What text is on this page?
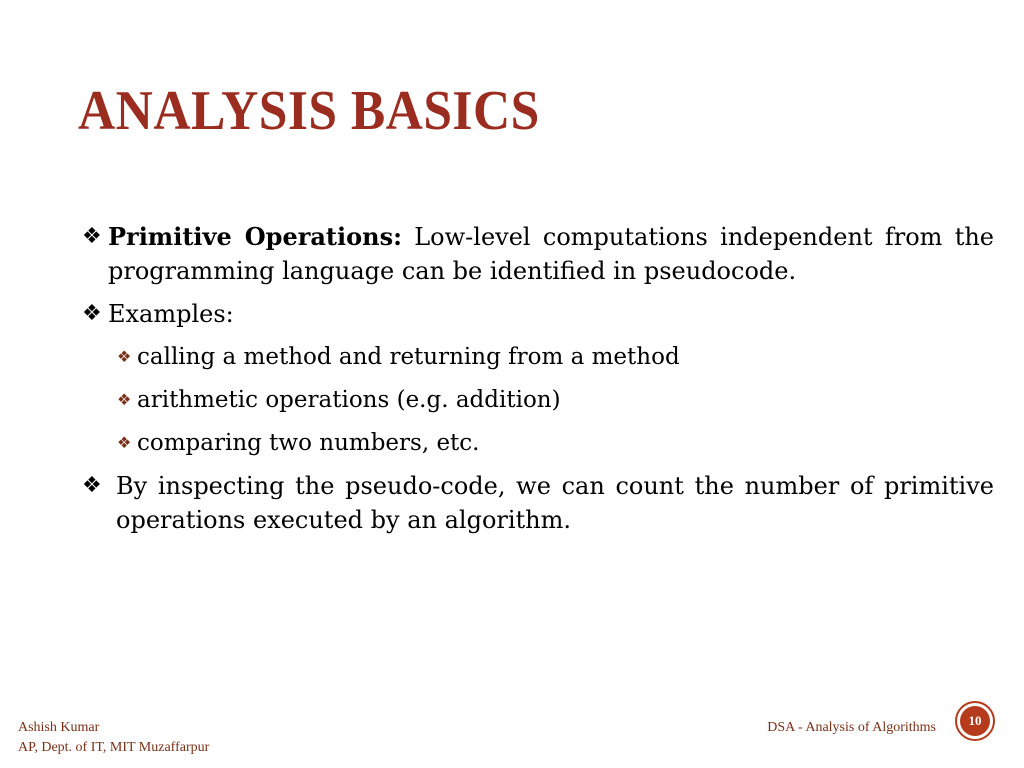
ANALYSIS BASICS
❖ Primitive Operations: Low-level computations independent from the programming language can be identified in pseudocode.
❖ Examples:
❖ calling a method and returning from a method
❖ arithmetic operations (e.g. addition)
❖ comparing two numbers, etc.
❖ By inspecting the pseudo-code, we can count the number of primitive operations executed by an algorithm.
Ashish Kumar
AP, Dept. of IT, MIT Muzaffarpur
DSA - Analysis of Algorithms	10
